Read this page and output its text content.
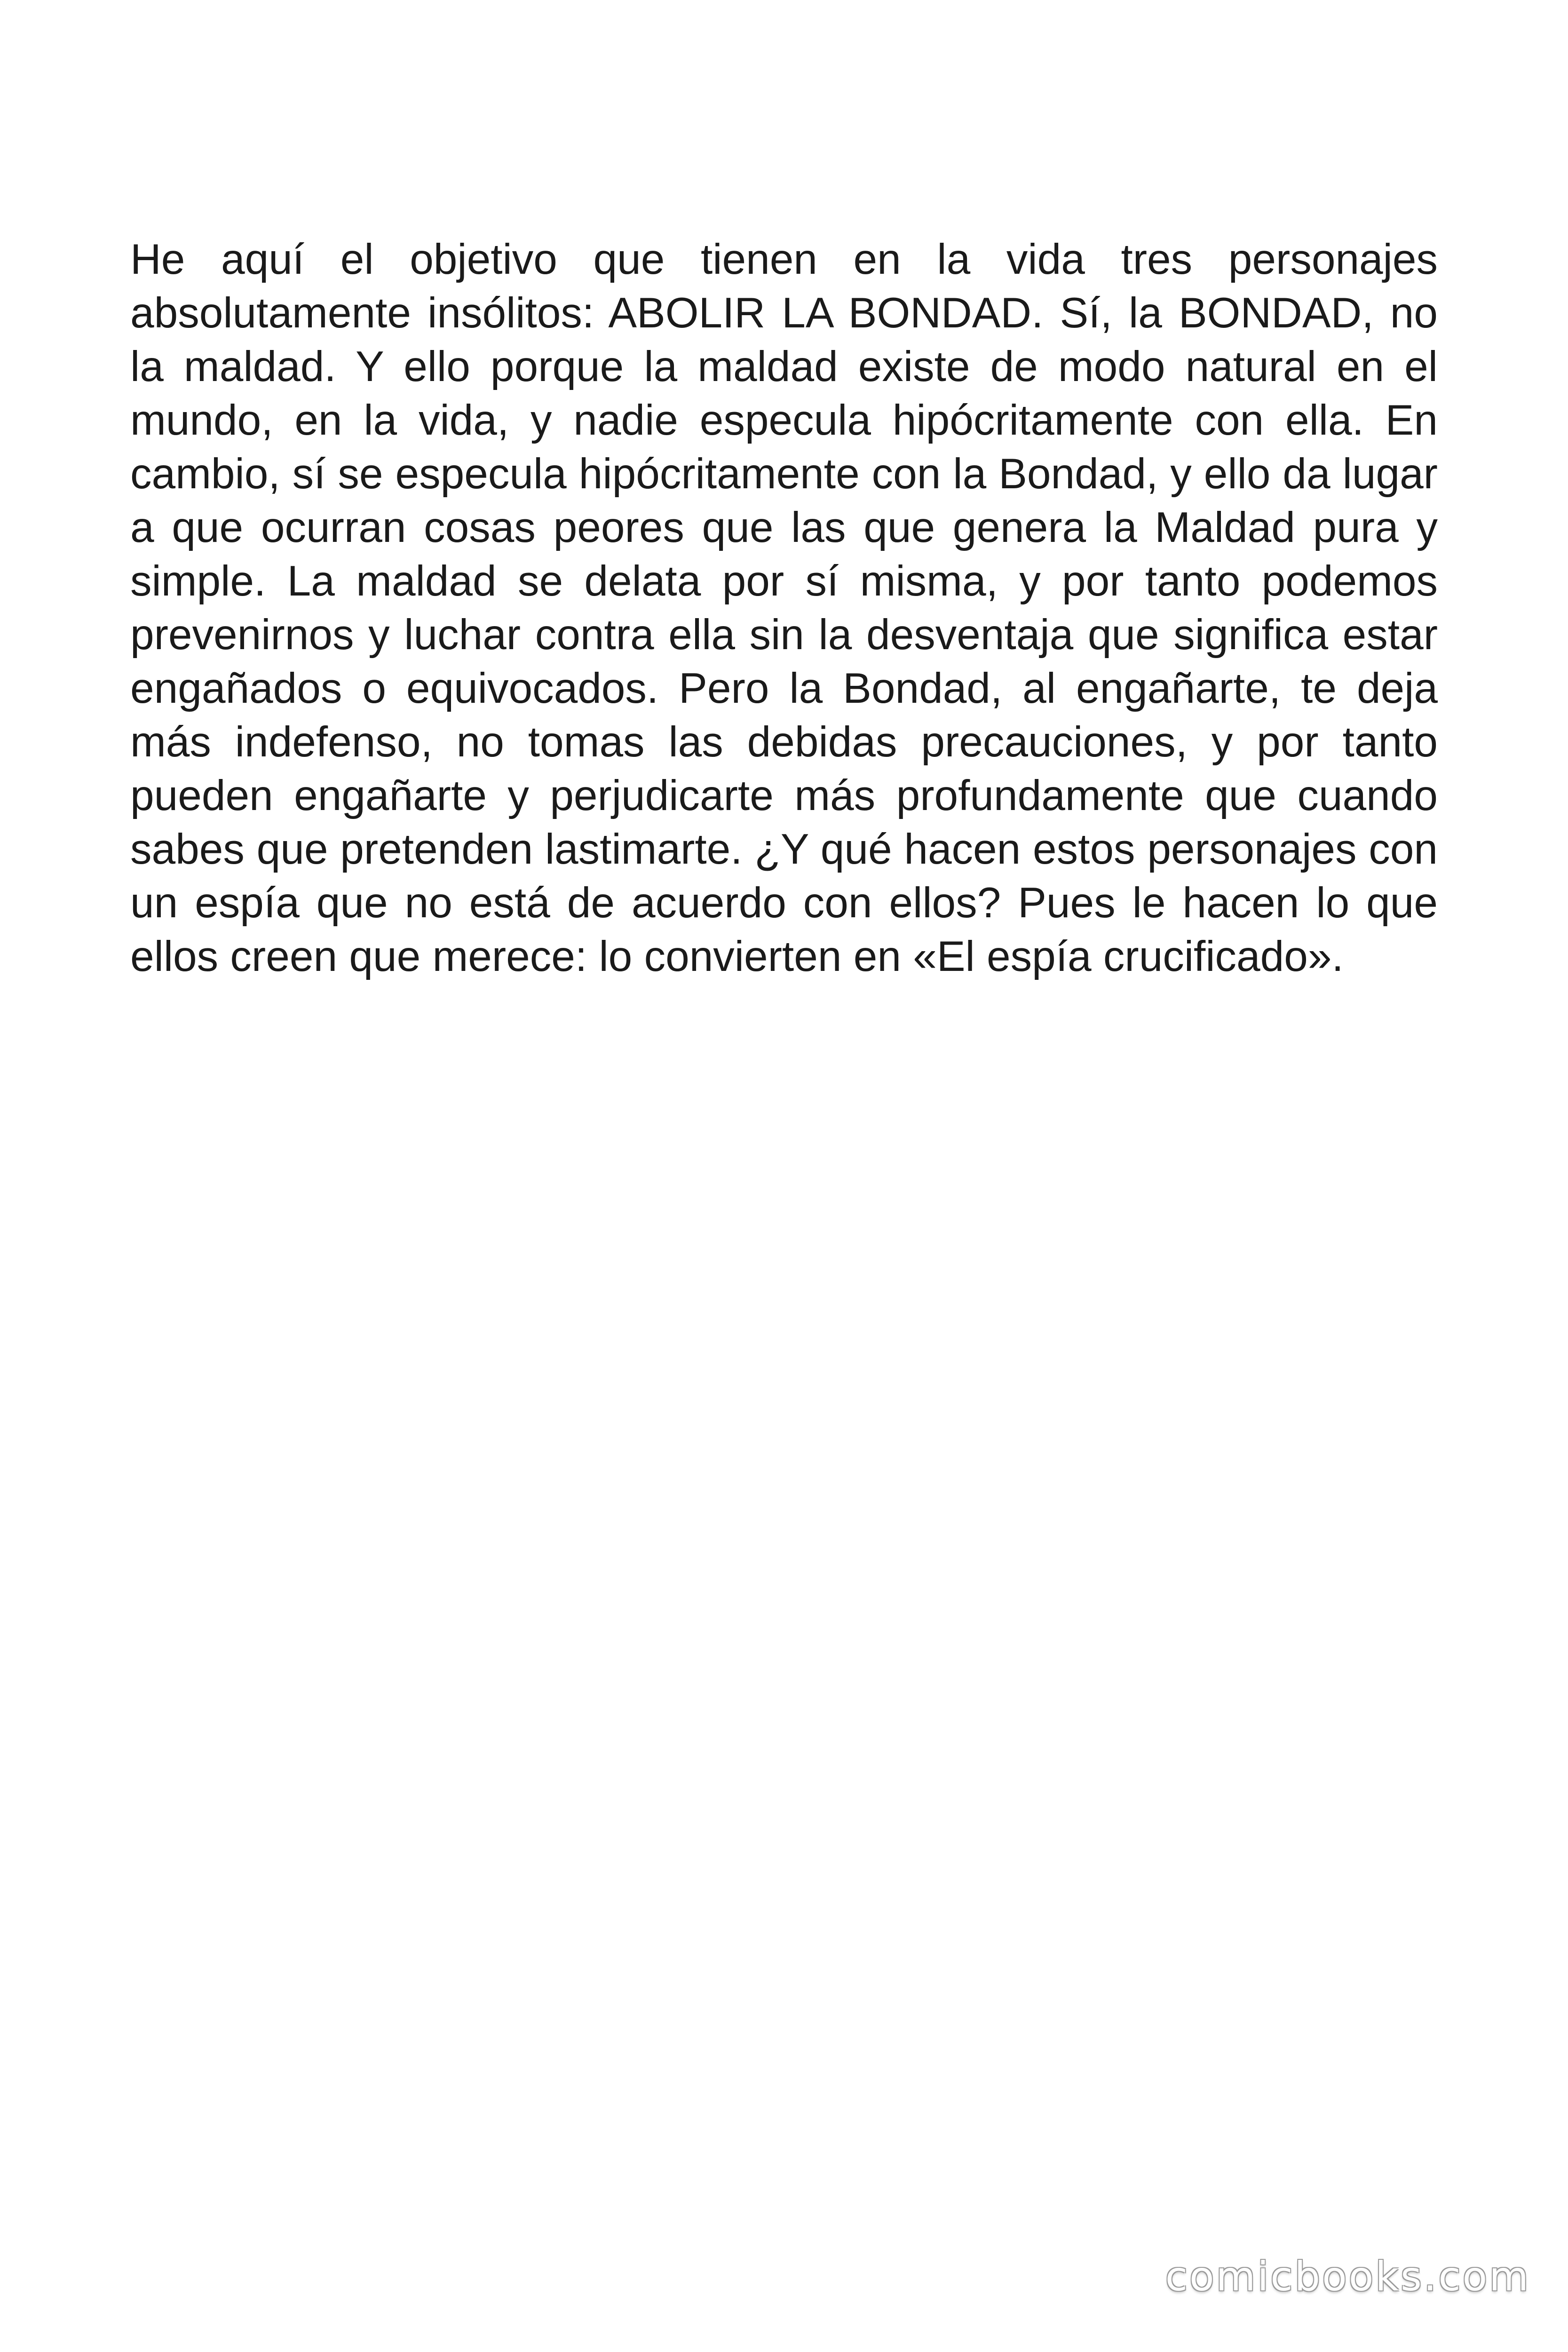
He aquí el objetivo que tienen en la vida tres personajes absolutamente insólitos: ABOLIR LA BONDAD. Sí, la BONDAD, no la maldad. Y ello porque la maldad existe de modo natural en el mundo, en la vida, y nadie especula hipócritamente con ella. En cambio, sí se especula hipócritamente con la Bondad, y ello da lugar a que ocurran cosas peores que las que genera la Maldad pura y simple. La maldad se delata por sí misma, y por tanto podemos prevenirnos y luchar contra ella sin la desventaja que significa estar engañados o equivocados. Pero la Bondad, al engañarte, te deja más indefenso, no tomas las debidas precauciones, y por tanto pueden engañarte y perjudicarte más profundamente que cuando sabes que pretenden lastimarte. ¿Y qué hacen estos personajes con un espía que no está de acuerdo con ellos? Pues le hacen lo que ellos creen que merece: lo convierten en «El espía crucificado».

comicbooks.com
